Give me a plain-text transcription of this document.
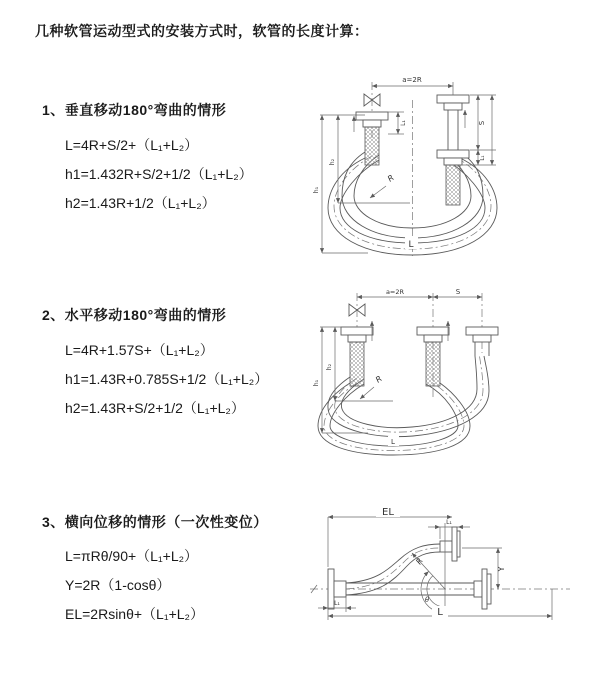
几种软管运动型式的安装方式时，软管的长度计算：
1、垂直移动180°弯曲的情形
L=4R+S/2+（L₁+L₂）
h1=1.432R+S/2+1/2（L₁+L₂）
h2=1.43R+1/2（L₁+L₂）
2、水平移动180°弯曲的情形
L=4R+1.57S+（L₁+L₂）
h1=1.43R+0.785S+1/2（L₁+L₂）
h2=1.43R+S/2+1/2（L₁+L₂）
3、横向位移的情形（一次性变位）
L=πRθ/90+（L₁+L₂）
Y=2R（1-cosθ）
EL=2Rsinθ+（L₁+L₂）
L₁
a=2R
S
L₁
h₂
h₁
R
L
a=2R	S
h₂
h₁	R
L
EL
L₁
Y
θ
R
L₁
L
